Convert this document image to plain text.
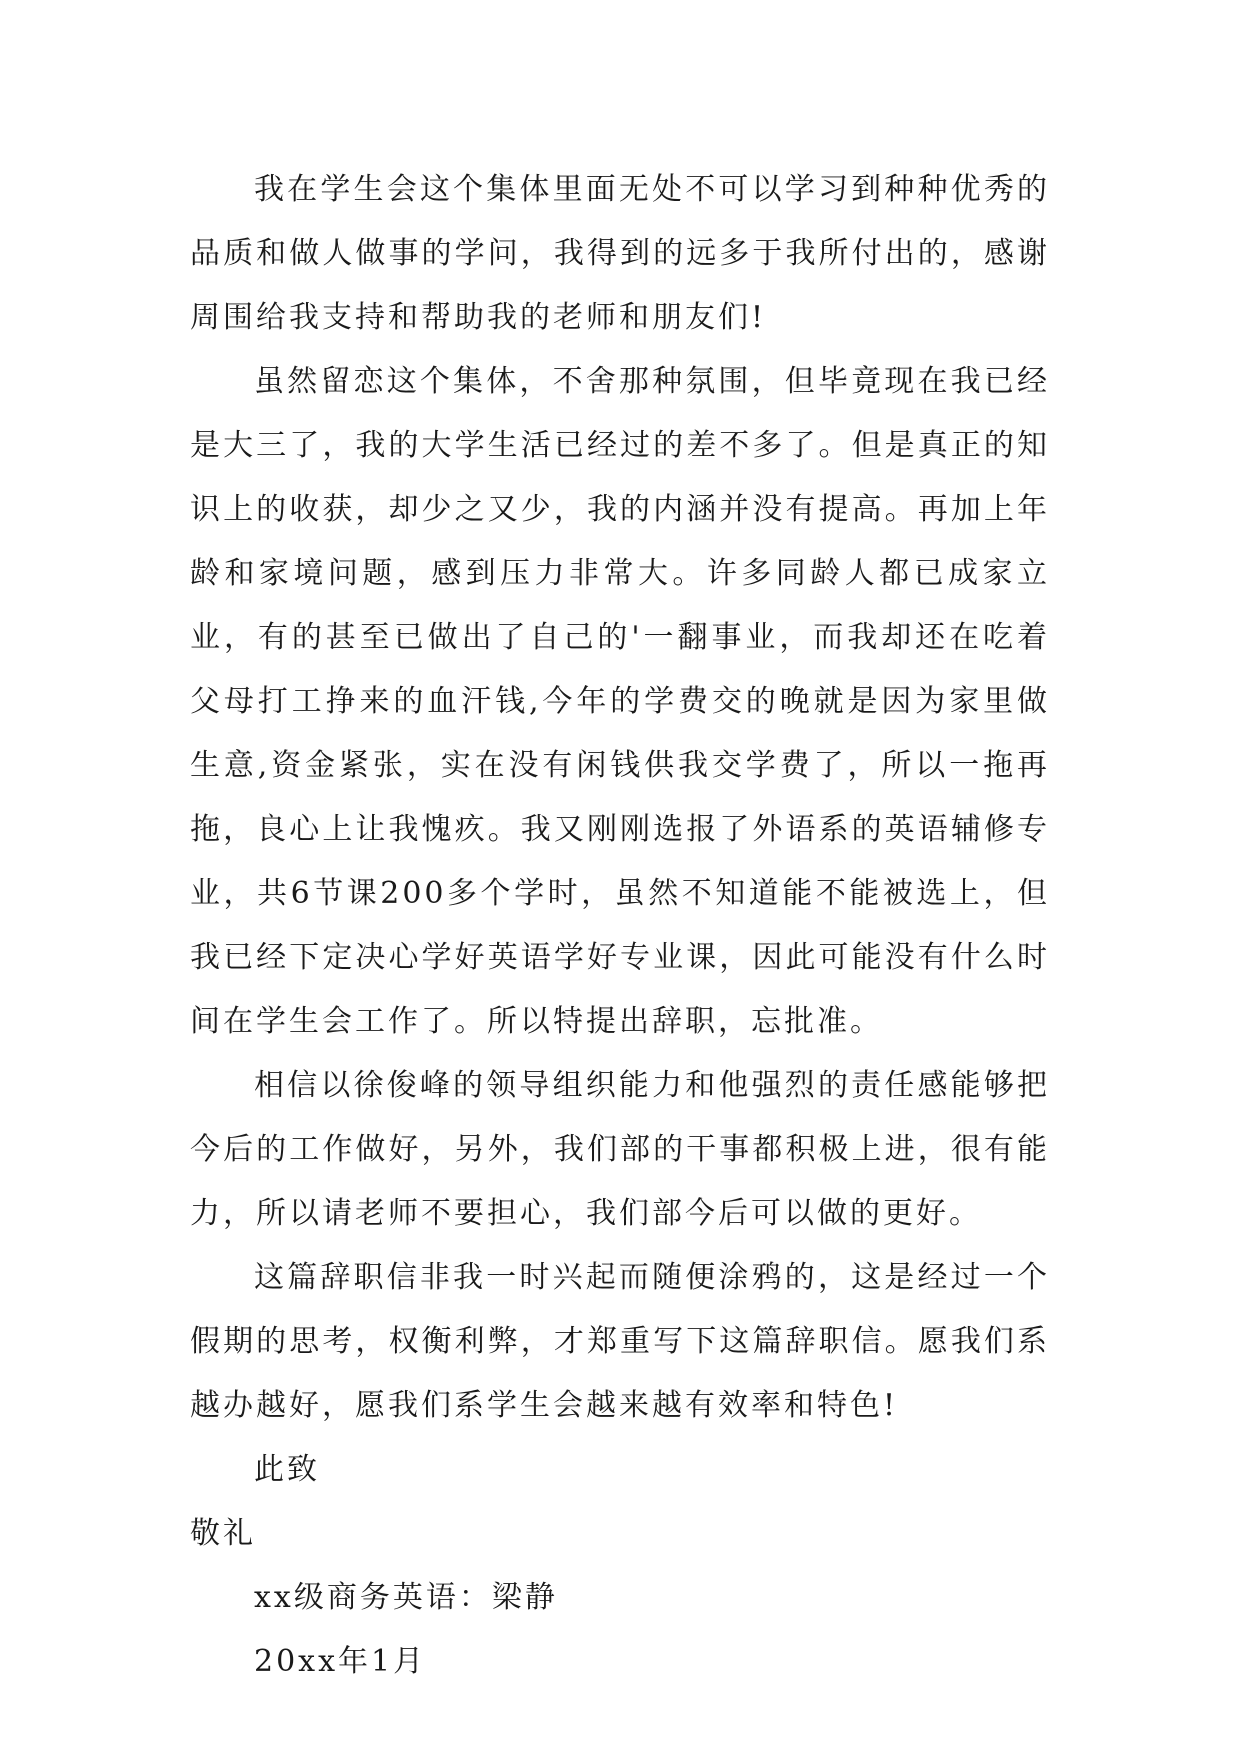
我在学生会这个集体里面无处不可以学习到种种优秀的品质和做人做事的学问，我得到的远多于我所付出的，感谢周围给我支持和帮助我的老师和朋友们!

虽然留恋这个集体，不舍那种氛围，但毕竟现在我已经是大三了，我的大学生活已经过的差不多了。但是真正的知识上的收获，却少之又少，我的内涵并没有提高。再加上年龄和家境问题，感到压力非常大。许多同龄人都已成家立业，有的甚至已做出了自己的'一翻事业，而我却还在吃着父母打工挣来的血汗钱,今年的学费交的晚就是因为家里做生意,资金紧张，实在没有闲钱供我交学费了，所以一拖再拖，良心上让我愧疚。我又刚刚选报了外语系的英语辅修专业，共6节课200多个学时，虽然不知道能不能被选上，但我已经下定决心学好英语学好专业课，因此可能没有什么时间在学生会工作了。所以特提出辞职，忘批准。

相信以徐俊峰的领导组织能力和他强烈的责任感能够把今后的工作做好，另外，我们部的干事都积极上进，很有能力，所以请老师不要担心，我们部今后可以做的更好。

这篇辞职信非我一时兴起而随便涂鸦的，这是经过一个假期的思考，权衡利弊，才郑重写下这篇辞职信。愿我们系越办越好，愿我们系学生会越来越有效率和特色!

此致

敬礼

xx级商务英语：梁静

20xx年1月
